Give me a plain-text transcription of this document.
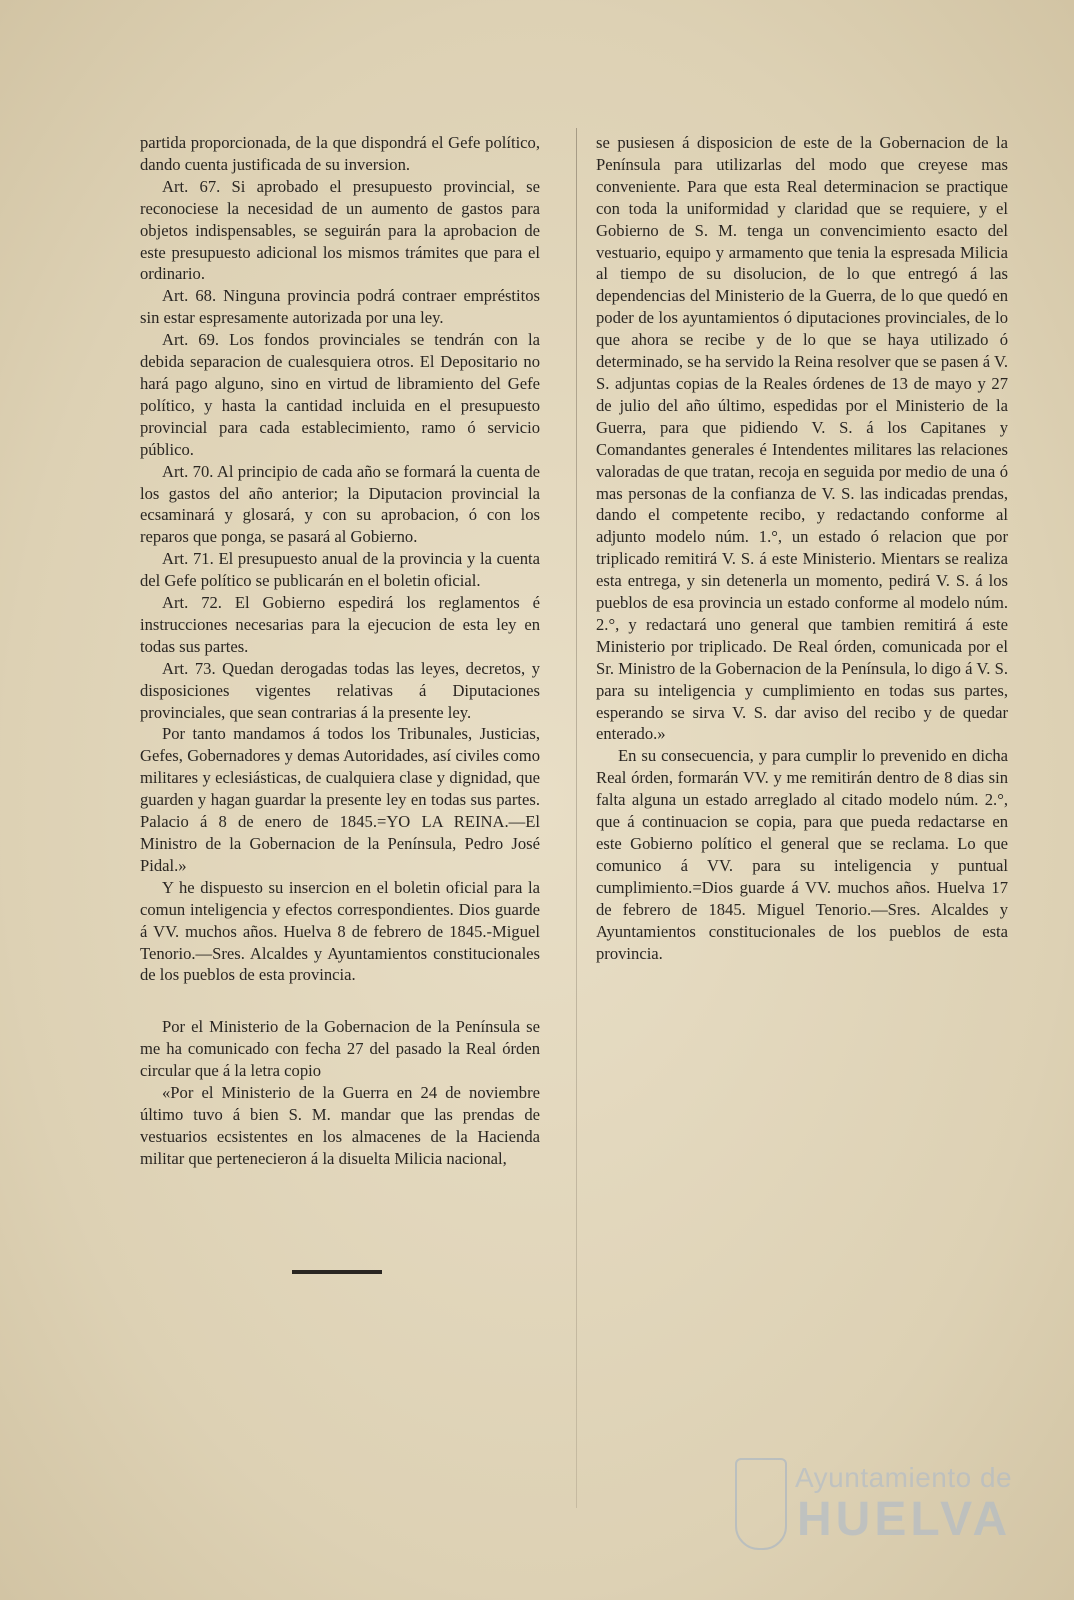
partida proporcionada, de la que dispondrá el Gefe político, dando cuenta justificada de su inversion.

Art. 67. Si aprobado el presupuesto provincial, se reconociese la necesidad de un aumento de gastos para objetos indispensables, se seguirán para la aprobacion de este presupuesto adicional los mismos trámites que para el ordinario.

Art. 68. Ninguna provincia podrá contraer empréstitos sin estar espresamente autorizada por una ley.

Art. 69. Los fondos provinciales se tendrán con la debida separacion de cualesquiera otros. El Depositario no hará pago alguno, sino en virtud de libramiento del Gefe político, y hasta la cantidad incluida en el presupuesto provincial para cada establecimiento, ramo ó servicio público.

Art. 70. Al principio de cada año se formará la cuenta de los gastos del año anterior; la Diputacion provincial la ecsaminará y glosará, y con su aprobacion, ó con los reparos que ponga, se pasará al Gobierno.

Art. 71. El presupuesto anual de la provincia y la cuenta del Gefe político se publicarán en el boletin oficial.

Art. 72. El Gobierno espedirá los reglamentos é instrucciones necesarias para la ejecucion de esta ley en todas sus partes.

Art. 73. Quedan derogadas todas las leyes, decretos, y disposiciones vigentes relativas á Diputaciones provinciales, que sean contrarias á la presente ley.

Por tanto mandamos á todos los Tribunales, Justicias, Gefes, Gobernadores y demas Autoridades, así civiles como militares y eclesiásticas, de cualquiera clase y dignidad, que guarden y hagan guardar la presente ley en todas sus partes. Palacio á 8 de enero de 1845.=YO LA REINA.—El Ministro de la Gobernacion de la Península, Pedro José Pidal.»

Y he dispuesto su insercion en el boletin oficial para la comun inteligencia y efectos correspondientes. Dios guarde á VV. muchos años. Huelva 8 de febrero de 1845.-Miguel Tenorio.—Sres. Alcaldes y Ayuntamientos constitucionales de los pueblos de esta provincia.

Por el Ministerio de la Gobernacion de la Península se me ha comunicado con fecha 27 del pasado la Real órden circular que á la letra copio

«Por el Ministerio de la Guerra en 24 de noviembre último tuvo á bien S. M. mandar que las prendas de vestuarios ecsistentes en los almacenes de la Hacienda militar que pertenecieron á la disuelta Milicia nacional,

se pusiesen á disposicion de este de la Gobernacion de la Península para utilizarlas del modo que creyese mas conveniente. Para que esta Real determinacion se practique con toda la uniformidad y claridad que se requiere, y el Gobierno de S. M. tenga un convencimiento esacto del vestuario, equipo y armamento que tenia la espresada Milicia al tiempo de su disolucion, de lo que entregó á las dependencias del Ministerio de la Guerra, de lo que quedó en poder de los ayuntamientos ó diputaciones provinciales, de lo que ahora se recibe y de lo que se haya utilizado ó determinado, se ha servido la Reina resolver que se pasen á V. S. adjuntas copias de la Reales órdenes de 13 de mayo y 27 de julio del año último, espedidas por el Ministerio de la Guerra, para que pidiendo V. S. á los Capitanes y Comandantes generales é Intendentes militares las relaciones valoradas de que tratan, recoja en seguida por medio de una ó mas personas de la confianza de V. S. las indicadas prendas, dando el competente recibo, y redactando conforme al adjunto modelo núm. 1.°, un estado ó relacion que por triplicado remitirá V. S. á este Ministerio. Mientars se realiza esta entrega, y sin detenerla un momento, pedirá V. S. á los pueblos de esa provincia un estado conforme al modelo núm. 2.°, y redactará uno general que tambien remitirá á este Ministerio por triplicado. De Real órden, comunicada por el Sr. Ministro de la Gobernacion de la Península, lo digo á V. S. para su inteligencia y cumplimiento en todas sus partes, esperando se sirva V. S. dar aviso del recibo y de quedar enterado.»

En su consecuencia, y para cumplir lo prevenido en dicha Real órden, formarán VV. y me remitirán dentro de 8 dias sin falta alguna un estado arreglado al citado modelo núm. 2.°, que á continuacion se copia, para que pueda redactarse en este Gobierno político el general que se reclama. Lo que comunico á VV. para su inteligencia y puntual cumplimiento.=Dios guarde á VV. muchos años. Huelva 17 de febrero de 1845. Miguel Tenorio.—Sres. Alcaldes y Ayuntamientos constitucionales de los pueblos de esta provincia.

Ayuntamiento de
HUELVA
